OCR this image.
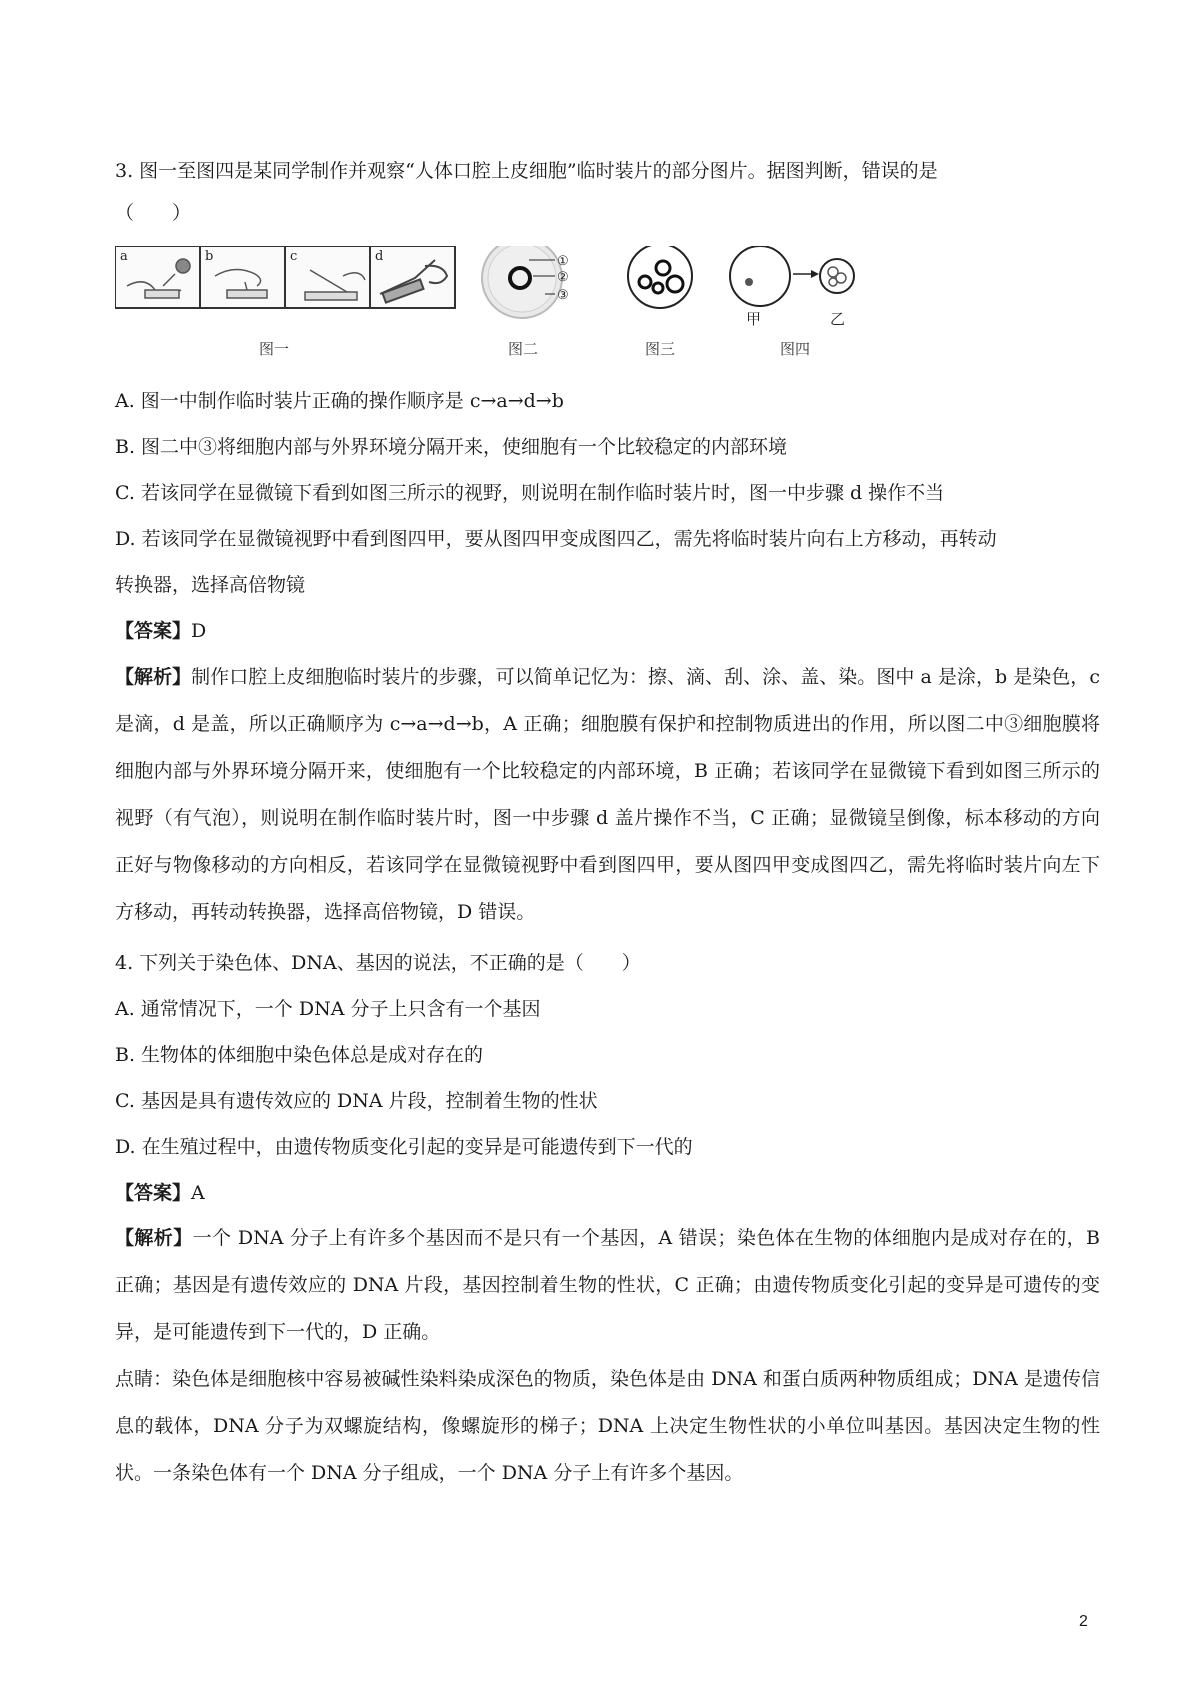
3. 图一至图四是某同学制作并观察“人体口腔上皮细胞”临时装片的部分图片。据图判断，错误的是
（　　）
a	b	c	d	①
②
③
甲	乙
图一	图二	图三	图四
A. 图一中制作临时装片正确的操作顺序是 c→a→d→b
B. 图二中③将细胞内部与外界环境分隔开来，使细胞有一个比较稳定的内部环境
C. 若该同学在显微镜下看到如图三所示的视野，则说明在制作临时装片时，图一中步骤 d 操作不当
D. 若该同学在显微镜视野中看到图四甲，要从图四甲变成图四乙，需先将临时装片向右上方移动，再转动
转换器，选择高倍物镜
【答案】D
【解析】制作口腔上皮细胞临时装片的步骤，可以简单记忆为：擦、滴、刮、涂、盖、染。图中 a 是涂，b 是染色，c 是滴，d 是盖，所以正确顺序为 c→a→d→b，A 正确；细胞膜有保护和控制物质进出的作用，所以图二中③细胞膜将细胞内部与外界环境分隔开来，使细胞有一个比较稳定的内部环境，B 正确；若该同学在显微镜下看到如图三所示的视野（有气泡），则说明在制作临时装片时，图一中步骤 d 盖片操作不当，C 正确；显微镜呈倒像，标本移动的方向正好与物像移动的方向相反，若该同学在显微镜视野中看到图四甲，要从图四甲变成图四乙，需先将临时装片向左下方移动，再转动转换器，选择高倍物镜，D 错误。
4. 下列关于染色体、DNA、基因的说法，不正确的是（　　）
A. 通常情况下，一个 DNA 分子上只含有一个基因
B. 生物体的体细胞中染色体总是成对存在的
C. 基因是具有遗传效应的 DNA 片段，控制着生物的性状
D. 在生殖过程中，由遗传物质变化引起的变异是可能遗传到下一代的
【答案】A
【解析】一个 DNA 分子上有许多个基因而不是只有一个基因，A 错误；染色体在生物的体细胞内是成对存在的，B 正确；基因是有遗传效应的 DNA 片段，基因控制着生物的性状，C 正确；由遗传物质变化引起的变异是可遗传的变异，是可能遗传到下一代的，D 正确。
点睛：染色体是细胞核中容易被碱性染料染成深色的物质，染色体是由 DNA 和蛋白质两种物质组成；DNA 是遗传信息的载体，DNA 分子为双螺旋结构，像螺旋形的梯子；DNA 上决定生物性状的小单位叫基因。基因决定生物的性状。一条染色体有一个 DNA 分子组成，一个 DNA 分子上有许多个基因。
2
